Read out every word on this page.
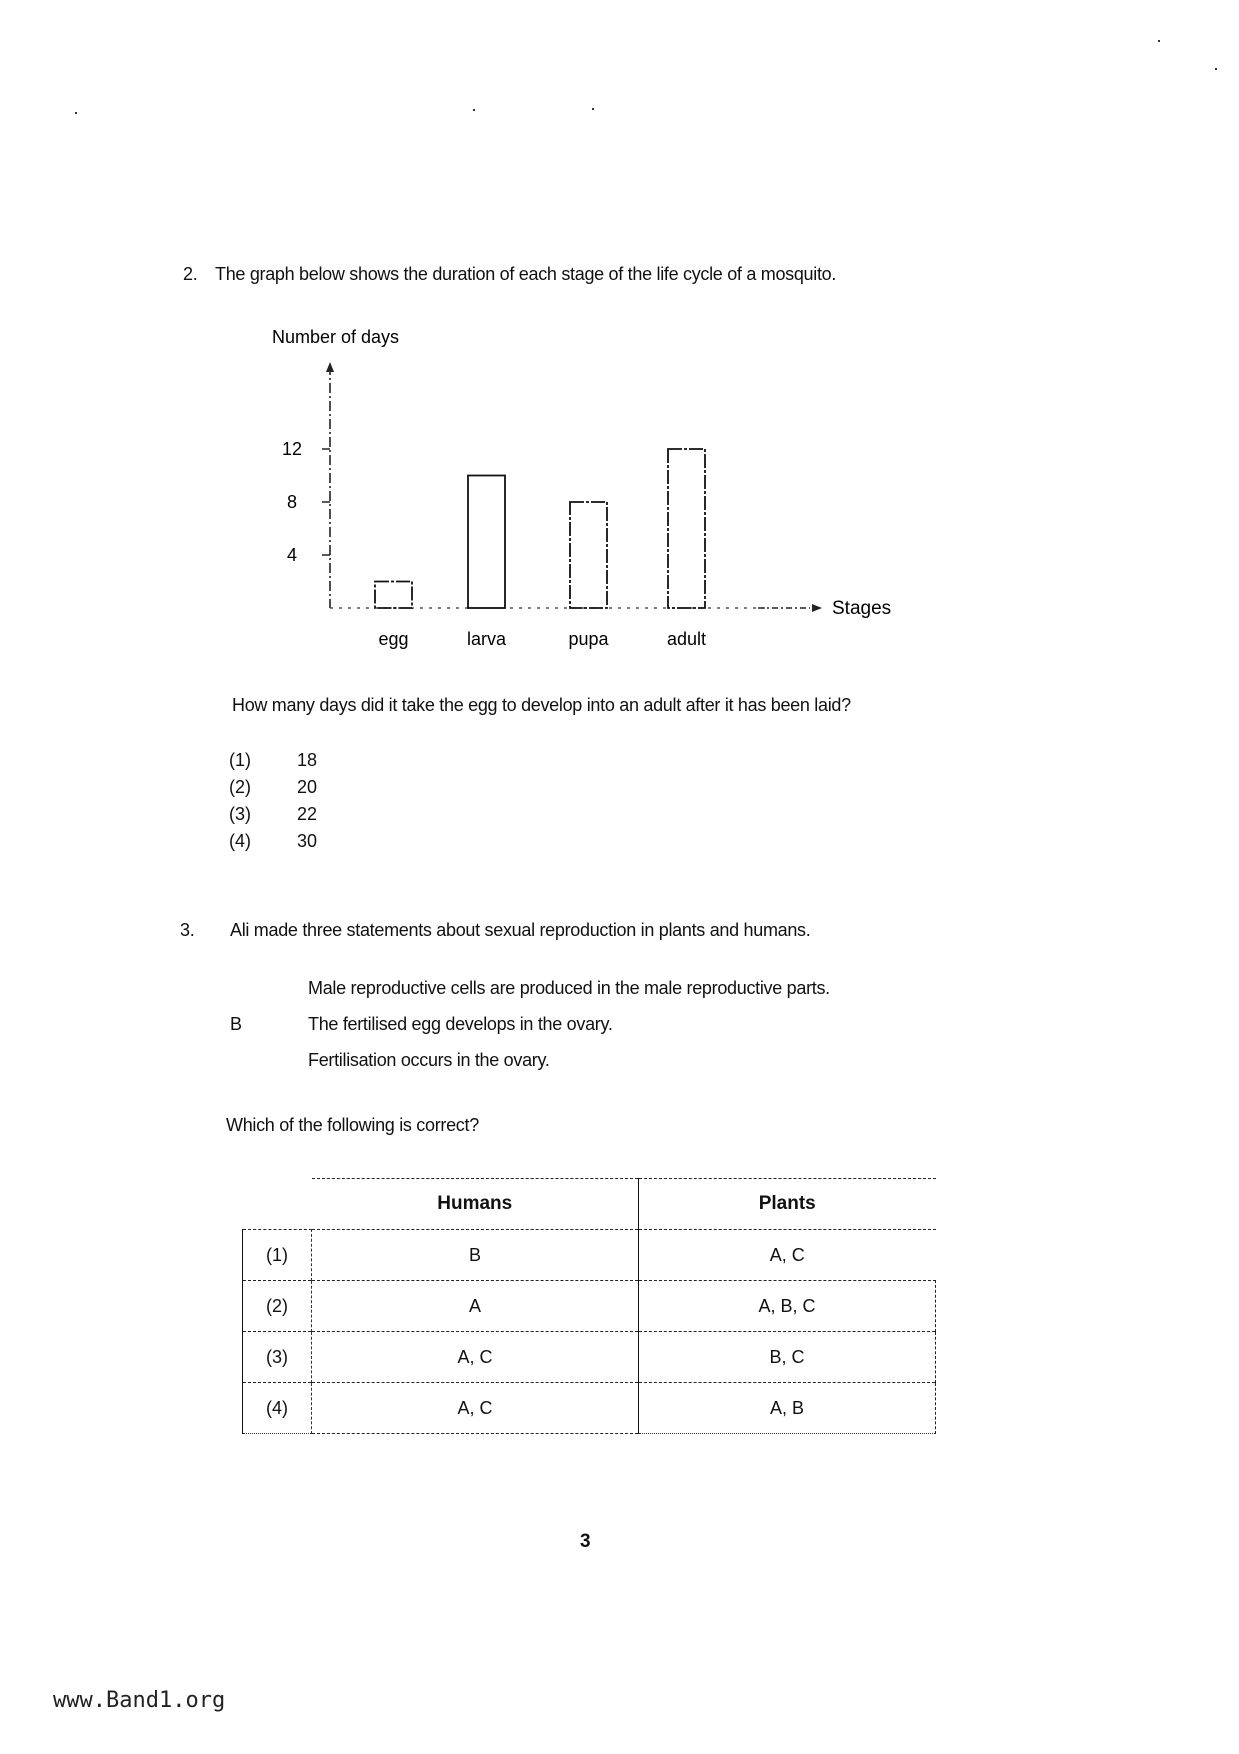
2. The graph below shows the duration of each stage of the life cycle of a mosquito.
Number of days
Stages
4
8
12
egg	larva	pupa	adult
How many days did it take the egg to develop into an adult after it has been laid?
(1)	18
(2)	20
(3)	22
(4)	30
3. Ali made three statements about sexual reproduction in plants and humans.
Male reproductive cells are produced in the male reproductive parts.
B	The fertilised egg develops in the ovary.
Fertilisation occurs in the ovary.
Which of the following is correct?
	Humans	Plants
(1)	B	A, C
(2)	A	A, B, C
(3)	A, C	B, C
(4)	A, C	A, B
3
www.Band1.org
